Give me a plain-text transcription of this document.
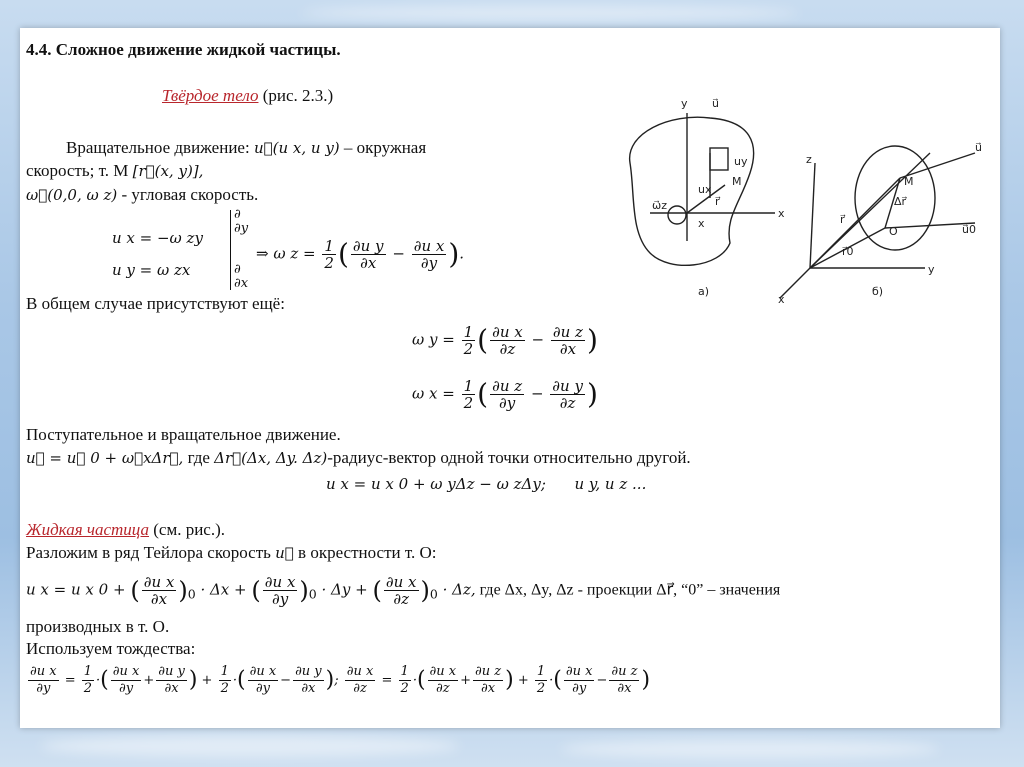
4.4. Сложное движение жидкой частицы.
Твёрдое тело (рис. 2.3.)
Вращательное движение: u⃗(u x, u y) – окружная
скорость; т. М [r⃗(x, y)],
ω⃗(0,0, ω z) - угловая скорость.
u x = −ω zy
u y = ω zx
∂
∂y
∂
∂x
⇒ ω $z = \frac{1}{2}$ ( $\frac{\text{∂u y}}{\partial x} - \frac{\text{∂u x}}{\partial y}$ ).
В общем случае присутствуют ещё:
ω $y = \frac{1}{2}$ ( $\frac{\text{∂u x}}{\partial z} - \frac{\text{∂u z}}{\partial x}$ )
ω $x = \frac{1}{2}$ ( $\frac{\text{∂u z}}{\partial y} - \frac{\text{∂u y}}{\partial z}$ )
Поступательное и вращательное движение.
u⃗ = u⃗ 0 + ω⃗xΔr⃗, где Δr⃗(Δx, Δy. Δz)-радиус-вектор одной точки относительно другой.
u x = u x 0 + ω yΔz − ω zΔy;      u y, u z ...
Жидкая частица (см. рис.).
Разложим в ряд Тейлора скорость u⃗ в окрестности т. О:
u x = u x 0 + ( $\frac{\text{∂u x}}{\partial x} )_0 \cdot \Delta x$ + ( $\frac{\text{∂u x}}{\partial y} )_0 \cdot \Delta y$ + ( $\frac{\text{∂u x}}{\partial z} )_0 \cdot \Delta z$, где Δx, Δy, Δz - проекции Δr⃗, “0” – значения
производных в т. О.
Используем тождества:
$\frac{\text{∂u x}}{\partial y} = \frac{1}{2}$ ·( $\frac{\text{∂u x}}{\partial y} + \frac{\text{∂u y}}{\partial x}$ ) + $\frac{1}{2}$ ·( $\frac{\text{∂u x}}{\partial y} - \frac{\text{∂u y}}{\partial x}$ ); $\frac{\text{∂u x}}{\partial z} = \frac{1}{2}$ ·( $\frac{\text{∂u x}}{\partial z} + \frac{\text{∂u z}}{\partial x}$ ) + $\frac{1}{2}$ ·( $\frac{\text{∂u x}}{\partial y} - \frac{\text{∂u z}}{\partial x}$ )
y u⃗
uy
ux
M
ω⃗z	r⃗
x
x
а)
z
u⃗
M
Δr⃗
r⃗
O
r⃗0
u⃗0
y
x
б)
